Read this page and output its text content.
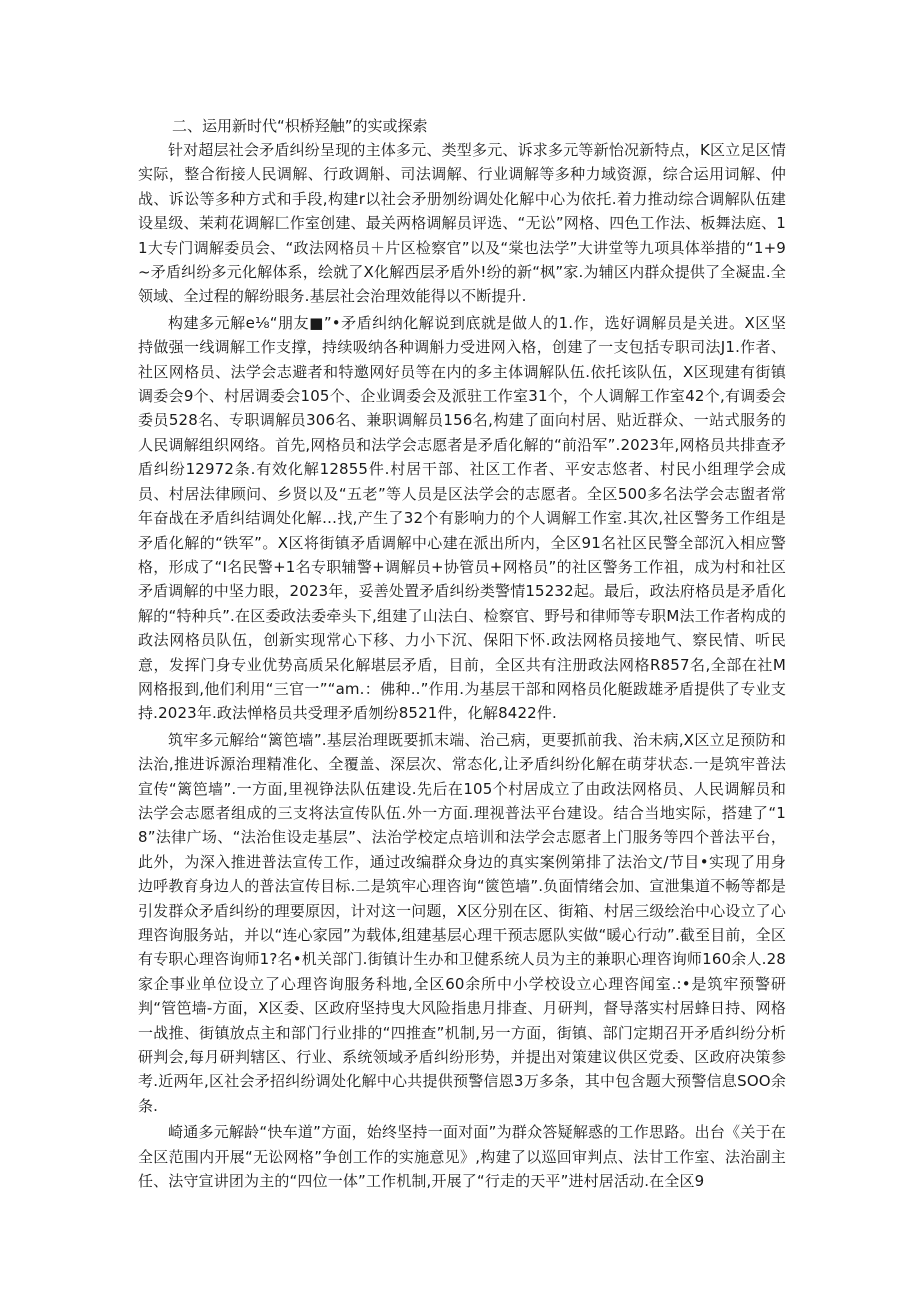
二、运用新时代“枳桥羟触”的实或探索

针对超层社会矛盾纠纷呈现的主体多元、类型多元、诉求多元等新怡况新特点，K区立足区情实际，整合衔接人民调解、行政调斛、司法调解、行业调解等多种力域资源，综合运用词解、仲战、诉讼等多种方式和手段,构建r以社会矛册刎纷调处化解中心为依托.着力推动综合调解队伍建设星级、茉莉花调解匚作室创建、最关两格调解员评选、“无讼”网格、四色工作法、板舞法庭、11大专门调解委员会、“政法网格员＋片区检察官”以及“棠也法学”大讲堂等九项具体举措的“1+9~矛盾纠纷多元化解体系，绘就了X化解西层矛盾外!纷的新“枫”家.为辅区内群众提供了全凝盅.全领域、全过程的解纷眼务.基层社会治理效能得以不断提升.

构建多元解e⅛“朋友■”•矛盾纠纳化解说到底就是做人的1.作，选好调解员是关进。X区坚持做强一线调解工作支撑，持续吸纳各种调斛力受进网入格，创建了一支包括专职司法J1.作者、社区网格员、法学会志避者和特邀网好员等在内的多主体调解队伍.依托该队伍，X区现建有街镇调委会9个、村居调委会105个、企业调委会及派驻工作室31个，个人调解工作室42个,有调委会委员528名、专职调解员306名、兼职调解员156名,构建了面向村居、贴近群众、一站式服务的人民调解组织网络。首先,网格员和法学会志愿者是矛盾化解的“前沿军”.2023年,网格员共排查矛盾纠纷12972条.有效化解12855件.村居干部、社区工作者、平安志悠者、村民小组理学会成员、村居法律顾问、乡贤以及“五老”等人员是区法学会的志愿者。全区500多名法学会志盥者常年奋战在矛盾纠结调处化解…找,产生了32个有影响力的个人调解工作室.其次,社区警务工作组是矛盾化解的“铁军”。X区将街镇矛盾调解中心建在派出所内，全区91名社区民警全部沉入相应警格，形成了“I名民警+1名专职辅警+调解员+协管员+网格员”的社区警务工作祖，成为村和社区矛盾调解的中坚力眼，2023年，妥善处置矛盾纠纷类警情15232起。最后，政法府格员是矛盾化解的“特种兵”.在区委政法委牵头下,组建了山法白、检察官、野号和律师等专职M法工作者构成的政法网格员队伍，创新实现常心下移、力小下沉、保阳下怀.政法网格员接地气、察民情、听民意，发挥门身专业优势高质呆化解堪层矛盾，目前，全区共有注册政法网格R857名,全部在社M网格报到,他们利用“三官一”“am.：佛种..”作用.为基层干部和网格员化艇跋雄矛盾提供了专业支持.2023年.政法惮格员共受理矛盾刎纷8521件，化解8422件.

筑牢多元解给“篱笆墙”.基层治理既要抓末端、治己病，更要抓前我、治未病,X区立足预防和法治,推进诉源治理精准化、全覆盖、深层次、常态化,让矛盾纠纷化解在萌芽状态.一是筑牢普法宣传“篱笆墙”.一方面,里视铮法队伍建设.先后在105个村居成立了由政法网格员、人民调解员和法学会志愿者组成的三支将法宣传队伍.外一方面.理视普法平台建设。结合当地实际，搭建了“18”法律广场、“法治隹设走基层”、法治学校定点培训和法学会志愿者上门服务等四个普法平台，此外，为深入推进普法宣传工作，通过改编群众身边的真实案例第排了法治文/节目•实现了用身边呼教育身边人的普法宣传目标.二是筑牢心理咨询“篋笆墙”.负面情绪会加、宣泄集道不畅等都是引发群众矛盾纠纷的理要原因，计对这一问题，X区分别在区、街箱、村居三级绘治中心设立了心理咨询服务站，并以“连心家园”为载体,组建基层心理干预志愿队实做“暖心行动”.截至目前，全区有专职心理咨询师1?名•机关部门.街镇计生办和卫健系统人员为主的兼职心理咨询师160余人.28家企事业单位设立了心理咨询服务科地,全区60余所中小学校设立心理咨闻室.:•是筑牢预警研判“管笆墙-方面，X区委、区政府坚持曳大风险指患月排查、月研判，督导落实村居蜂日持、网格一战推、街镇放点主和部门行业排的“四推查”机制,另一方面，街镇、部门定期召开矛盾纠纷分析研判会,每月研判辖区、行业、系统领域矛盾纠纷形势，并提出对策建议供区党委、区政府决策参考.近两年,区社会矛招纠纷调处化解中心共提供预警信恩3万多条，其中包含题大预警信息SOO余条.

崎通多元解龄“快车道”方面，始终坚持一面对面”为群众答疑解惑的工作思路。出台《关于在全区范围内开展“无讼网格”争创工作的实施意见》,构建了以巡回审判点、法甘工作室、法治副主任、法守宣讲团为主的“四位一体”工作机制,开展了“行走的天平”进村居活动.在全区9
